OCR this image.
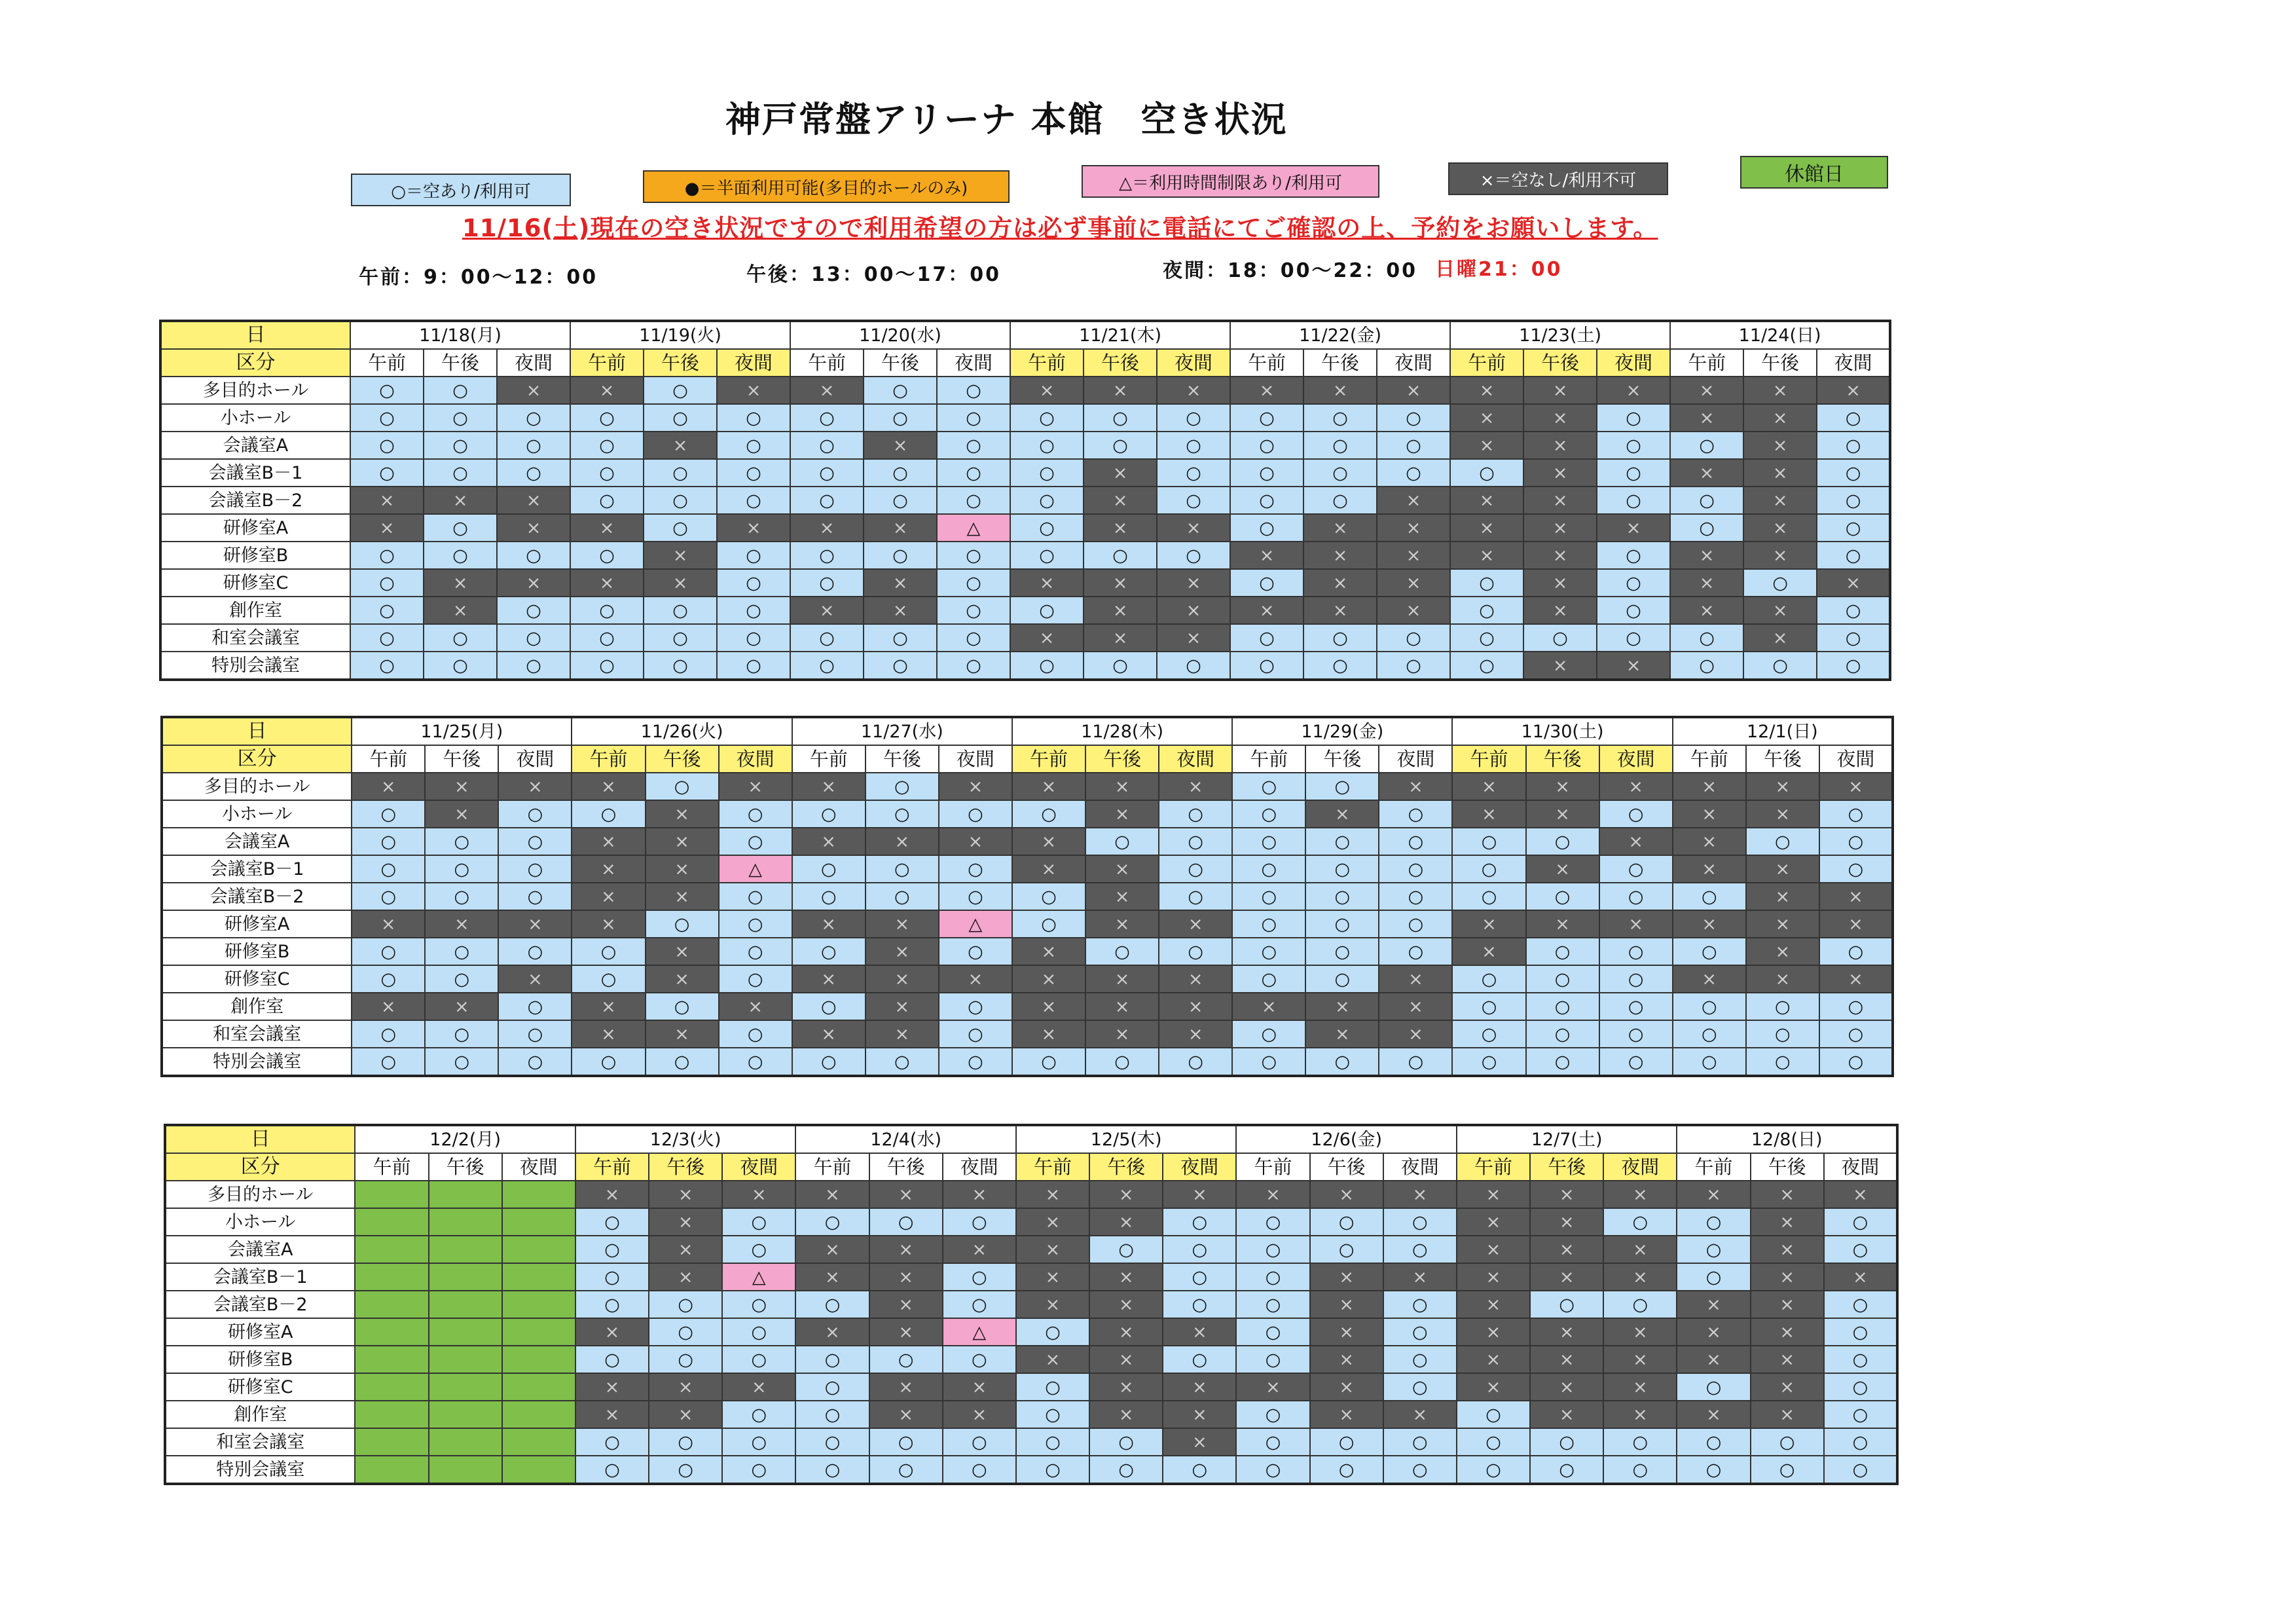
神戸常盤アリーナ 本館　空き状況
○＝空あり/利用可	●＝半面利用可能(多目的ホールのみ)	△＝利用時間制限あり/利用可	×＝空なし/利用不可	休館日
11/16(土)現在の空き状況ですので利用希望の方は必ず事前に電話にてご確認の上、予約をお願いします。
午前：9：00～12：00	午後：13：00～17：00	夜間：18：00～22：00 日曜21：00
日	11/18(月)			11/19(火)			11/20(水)			11/21(木)			11/22(金)			11/23(土)			11/24(日)		
区分	午前	午後	夜間	午前	午後	夜間	午前	午後	夜間	午前	午後	夜間	午前	午後	夜間	午前	午後	夜間	午前	午後	夜間
多目的ホール	○	○	×	×	○	×	×	○	○	×	×	×	×	×	×	×	×	×	×	×	×
小ホール	○	○	○	○	○	○	○	○	○	○	○	○	○	○	○	×	×	○	×	×	○
会議室A	○	○	○	○	×	○	○	×	○	○	○	○	○	○	○	×	×	○	○	×	○
会議室B－1	○	○	○	○	○	○	○	○	○	○	×	○	○	○	○	○	×	○	×	×	○
会議室B－2	×	×	×	○	○	○	○	○	○	○	×	○	○	○	×	×	×	○	○	×	○
研修室A	×	○	×	×	○	×	×	×	△	○	×	×	○	×	×	×	×	×	○	×	○
研修室B	○	○	○	○	×	○	○	○	○	○	○	○	×	×	×	×	×	○	×	×	○
研修室C	○	×	×	×	×	○	○	×	○	×	×	×	○	×	×	○	×	○	×	○	×
創作室	○	×	○	○	○	○	×	×	○	○	×	×	×	×	×	○	×	○	×	×	○
和室会議室	○	○	○	○	○	○	○	○	○	×	×	×	○	○	○	○	○	○	○	×	○
特別会議室	○	○	○	○	○	○	○	○	○	○	○	○	○	○	○	○	×	×	○	○	○
日	11/25(月)			11/26(火)			11/27(水)			11/28(木)			11/29(金)			11/30(土)			12/1(日)		
区分	午前	午後	夜間	午前	午後	夜間	午前	午後	夜間	午前	午後	夜間	午前	午後	夜間	午前	午後	夜間	午前	午後	夜間
多目的ホール	×	×	×	×	○	×	×	○	×	×	×	×	○	○	×	×	×	×	×	×	×
小ホール	○	×	○	○	×	○	○	○	○	○	×	○	○	×	○	×	×	○	×	×	○
会議室A	○	○	○	×	×	○	×	×	×	×	○	○	○	○	○	○	○	×	×	○	○
会議室B－1	○	○	○	×	×	△	○	○	○	×	×	○	○	○	○	○	×	○	×	×	○
会議室B－2	○	○	○	×	×	○	○	○	○	○	×	○	○	○	○	○	○	○	○	×	×
研修室A	×	×	×	×	○	○	×	×	△	○	×	×	○	○	○	×	×	×	×	×	×
研修室B	○	○	○	○	×	○	○	×	○	×	○	○	○	○	○	×	○	○	○	×	○
研修室C	○	○	×	○	×	○	×	×	×	×	×	×	○	○	×	○	○	○	×	×	×
創作室	×	×	○	×	○	×	○	×	○	×	×	×	×	×	×	○	○	○	○	○	○
和室会議室	○	○	○	×	×	○	×	×	○	×	×	×	○	×	×	○	○	○	○	○	○
特別会議室	○	○	○	○	○	○	○	○	○	○	○	○	○	○	○	○	○	○	○	○	○
日	12/2(月)			12/3(火)			12/4(水)			12/5(木)			12/6(金)			12/7(土)			12/8(日)		
区分	午前	午後	夜間	午前	午後	夜間	午前	午後	夜間	午前	午後	夜間	午前	午後	夜間	午前	午後	夜間	午前	午後	夜間
多目的ホール				×	×	×	×	×	×	×	×	×	×	×	×	×	×	×	×	×	×
小ホール				○	×	○	○	○	○	×	×	○	○	○	○	×	×	○	○	×	○
会議室A				○	×	○	×	×	×	×	○	○	○	○	○	×	×	×	○	×	○
会議室B－1				○	×	△	×	×	○	×	×	○	○	×	×	×	×	×	○	×	×
会議室B－2				○	○	○	○	×	○	×	×	○	○	×	○	×	○	○	×	×	○
研修室A				×	○	○	×	×	△	○	×	×	○	×	○	×	×	×	×	×	○
研修室B				○	○	○	○	○	○	×	×	○	○	×	○	×	×	×	×	×	○
研修室C				×	×	×	○	×	×	○	×	×	×	×	○	×	×	×	○	×	○
創作室				×	×	○	○	×	×	○	×	×	○	×	×	○	×	×	×	×	○
和室会議室				○	○	○	○	○	○	○	○	×	○	○	○	○	○	○	○	○	○
特別会議室				○	○	○	○	○	○	○	○	○	○	○	○	○	○	○	○	○	○
